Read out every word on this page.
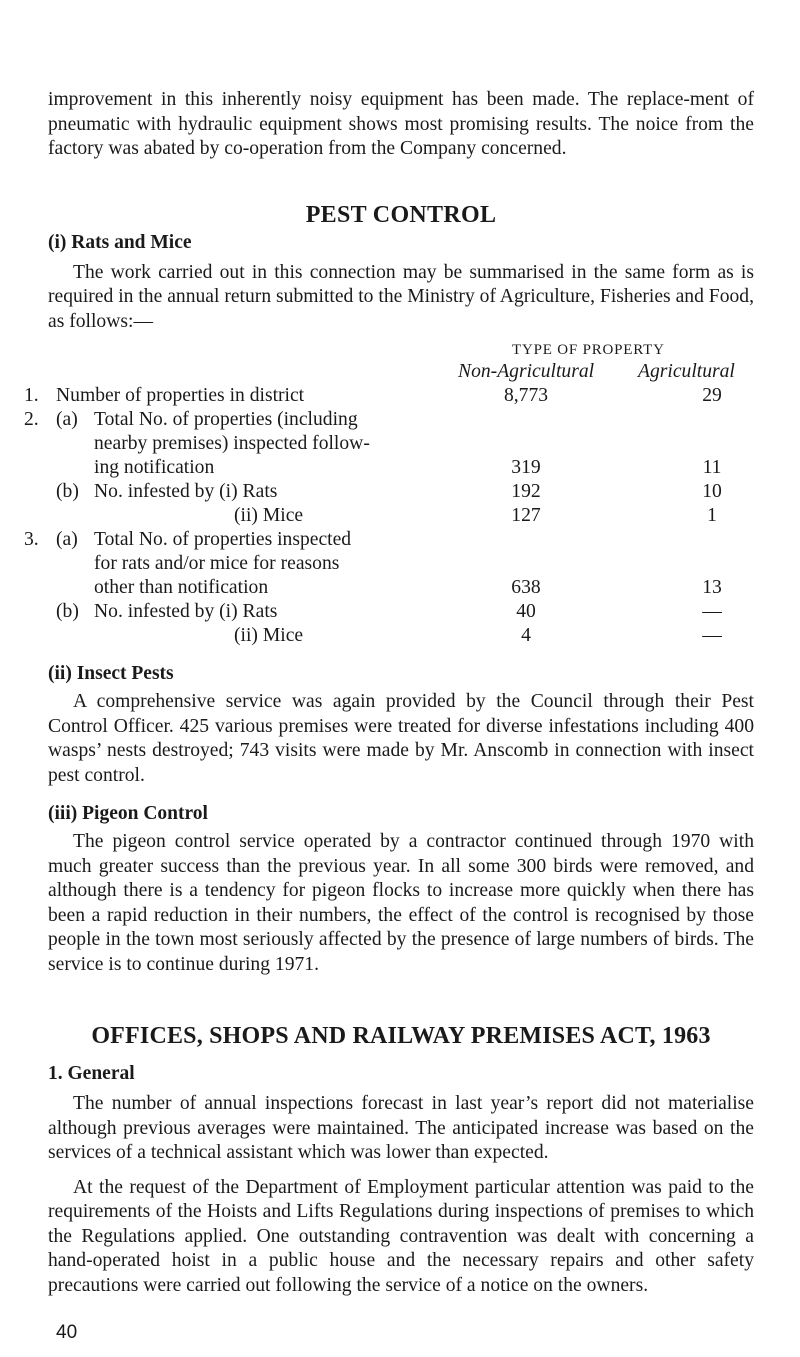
improvement in this inherently noisy equipment has been made. The replace-ment of pneumatic with hydraulic equipment shows most promising results. The noice from the factory was abated by co-operation from the Company concerned.

PEST CONTROL
(i) Rats and Mice

The work carried out in this connection may be summarised in the same form as is required in the annual return submitted to the Ministry of Agriculture, Fisheries and Food, as follows:—

TYPE OF PROPERTY
Non-Agricultural Agricultural
1. Number of properties in district	8,773	29
2. (a) Total No. of properties (including
nearby premises) inspected follow-
ing notification	319	11
(b) No. infested by (i) Rats	192	10
(ii) Mice	127	1
3. (a) Total No. of properties inspected
for rats and/or mice for reasons
other than notification	638	13
(b) No. infested by (i) Rats	40	—
(ii) Mice	4	—
(ii) Insect Pests

A comprehensive service was again provided by the Council through their Pest Control Officer. 425 various premises were treated for diverse infestations including 400 wasps’ nests destroyed; 743 visits were made by Mr. Anscomb in connection with insect pest control.

(iii) Pigeon Control

The pigeon control service operated by a contractor continued through 1970 with much greater success than the previous year. In all some 300 birds were removed, and although there is a tendency for pigeon flocks to increase more quickly when there has been a rapid reduction in their numbers, the effect of the control is recognised by those people in the town most seriously affected by the presence of large numbers of birds. The service is to continue during 1971.

OFFICES, SHOPS AND RAILWAY PREMISES ACT, 1963
1. General

The number of annual inspections forecast in last year’s report did not materialise although previous averages were maintained. The anticipated increase was based on the services of a technical assistant which was lower than expected.

At the request of the Department of Employment particular attention was paid to the requirements of the Hoists and Lifts Regulations during inspections of premises to which the Regulations applied. One outstanding contravention was dealt with concerning a hand-operated hoist in a public house and the necessary repairs and other safety precautions were carried out following the service of a notice on the owners.

40
